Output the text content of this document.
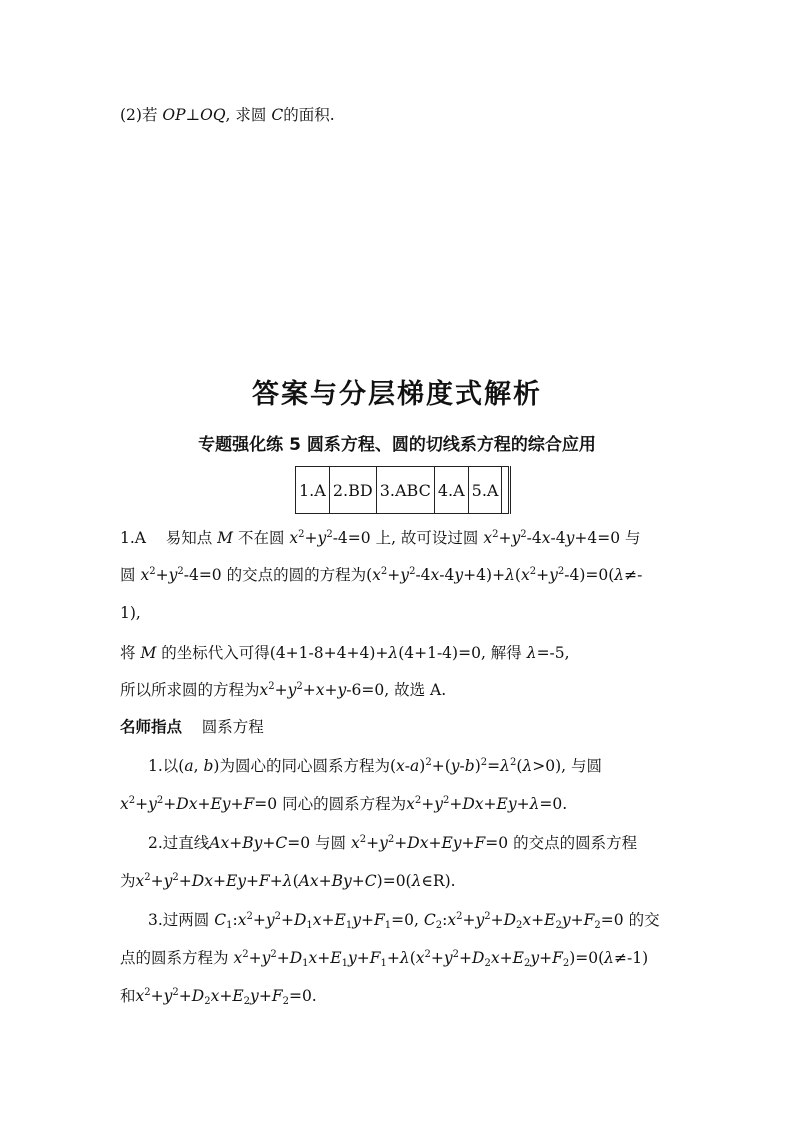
(2)若 OP⊥OQ, 求圆 C的面积.
答案与分层梯度式解析
专题强化练 5 圆系方程、圆的切线系方程的综合应用
1.A	2.BD	3.ABC	4.A	5.A	
1.A 易知点 M 不在圆 $x^2+y^2-4=0$ 上, 故可设过圆 $x^2+y^2-4x-4y+4=0$ 与
圆 $x^2+y^2-4=0$ 的交点的圆的方程为$(x^2+y^2-4x-4y+4)+\lambda(x^2+y^2-4)=0(\lambda\ne-$
1),
将 M 的坐标代入可得(4+1-8+4+4)+λ(4+1-4)=0, 解得 λ=-5,
所以所求圆的方程为$x^2+y^2+x+y-6=0$, 故选 A.
名师指点 圆系方程
1.以(a, b)为圆心的同心圆系方程为$(x-a)^2+(y-b)^2=\lambda^2(\lambda>0)$, 与圆
$x^2+y^2+Dx+Ey+F=0$ 同心的圆系方程为$x^2+y^2+Dx+Ey+\lambda=0$.
2.过直线Ax+By+C=0 与圆 $x^2+y^2+Dx+Ey+F=0$ 的交点的圆系方程
为$x^2+y^2+Dx+Ey+F+\lambda(Ax+By+C)=0(\lambda\in R)$.
3.过两圆 $C_1:x^2+y^2+D_1x+E_1y+F_1=0$, $C_2:x^2+y^2+D_2x+E_2y+F_2=0$ 的交
点的圆系方程为 $x^2+y^2+D_1x+E_1y+F_1+\lambda(x^2+y^2+D_2x+E_2y+F_2)=0(\lambda\ne-1)$
和$x^2+y^2+D_2x+E_2y+F_2=0$.
